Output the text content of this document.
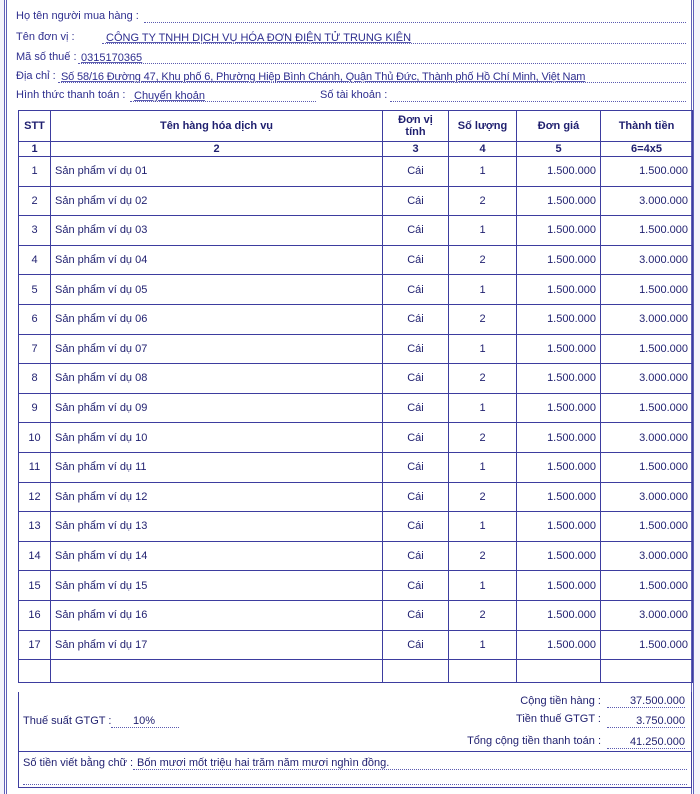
Họ tên người mua hàng :
Tên đơn vị :	CÔNG TY TNHH DỊCH VỤ HÓA ĐƠN ĐIỆN TỬ TRUNG KIÊN
Mã số thuế : 0315170365
Địa chỉ : Số 58/16 Đường 47, Khu phố 6, Phường Hiệp Bình Chánh, Quận Thủ Đức, Thành phố Hồ Chí Minh, Việt Nam
Hình thức thanh toán : Chuyển khoản	Số tài khoản :
STT	Tên hàng hóa dịch vụ	Đơn vị tính	Số lượng	Đơn giá	Thành tiền
1	2	3	4	5	6=4x5
1	Sản phẩm ví dụ 01	Cái	1	1.500.000	1.500.000
2	Sản phẩm ví dụ 02	Cái	2	1.500.000	3.000.000
3	Sản phẩm ví dụ 03	Cái	1	1.500.000	1.500.000
4	Sản phẩm ví dụ 04	Cái	2	1.500.000	3.000.000
5	Sản phẩm ví dụ 05	Cái	1	1.500.000	1.500.000
6	Sản phẩm ví dụ 06	Cái	2	1.500.000	3.000.000
7	Sản phẩm ví dụ 07	Cái	1	1.500.000	1.500.000
8	Sản phẩm ví dụ 08	Cái	2	1.500.000	3.000.000
9	Sản phẩm ví dụ 09	Cái	1	1.500.000	1.500.000
10	Sản phẩm ví dụ 10	Cái	2	1.500.000	3.000.000
11	Sản phẩm ví dụ 11	Cái	1	1.500.000	1.500.000
12	Sản phẩm ví dụ 12	Cái	2	1.500.000	3.000.000
13	Sản phẩm ví dụ 13	Cái	1	1.500.000	1.500.000
14	Sản phẩm ví dụ 14	Cái	2	1.500.000	3.000.000
15	Sản phẩm ví dụ 15	Cái	1	1.500.000	1.500.000
16	Sản phẩm ví dụ 16	Cái	2	1.500.000	3.000.000
17	Sản phẩm ví dụ 17	Cái	1	1.500.000	1.500.000

Cộng tiền hàng :	37.500.000
Thuế suất GTGT :	10%	Tiền thuế GTGT :	3.750.000
Tổng cộng tiền thanh toán :	41.250.000
Số tiền viết bằng chữ : Bốn mươi mốt triệu hai trăm năm mươi nghìn đồng.
